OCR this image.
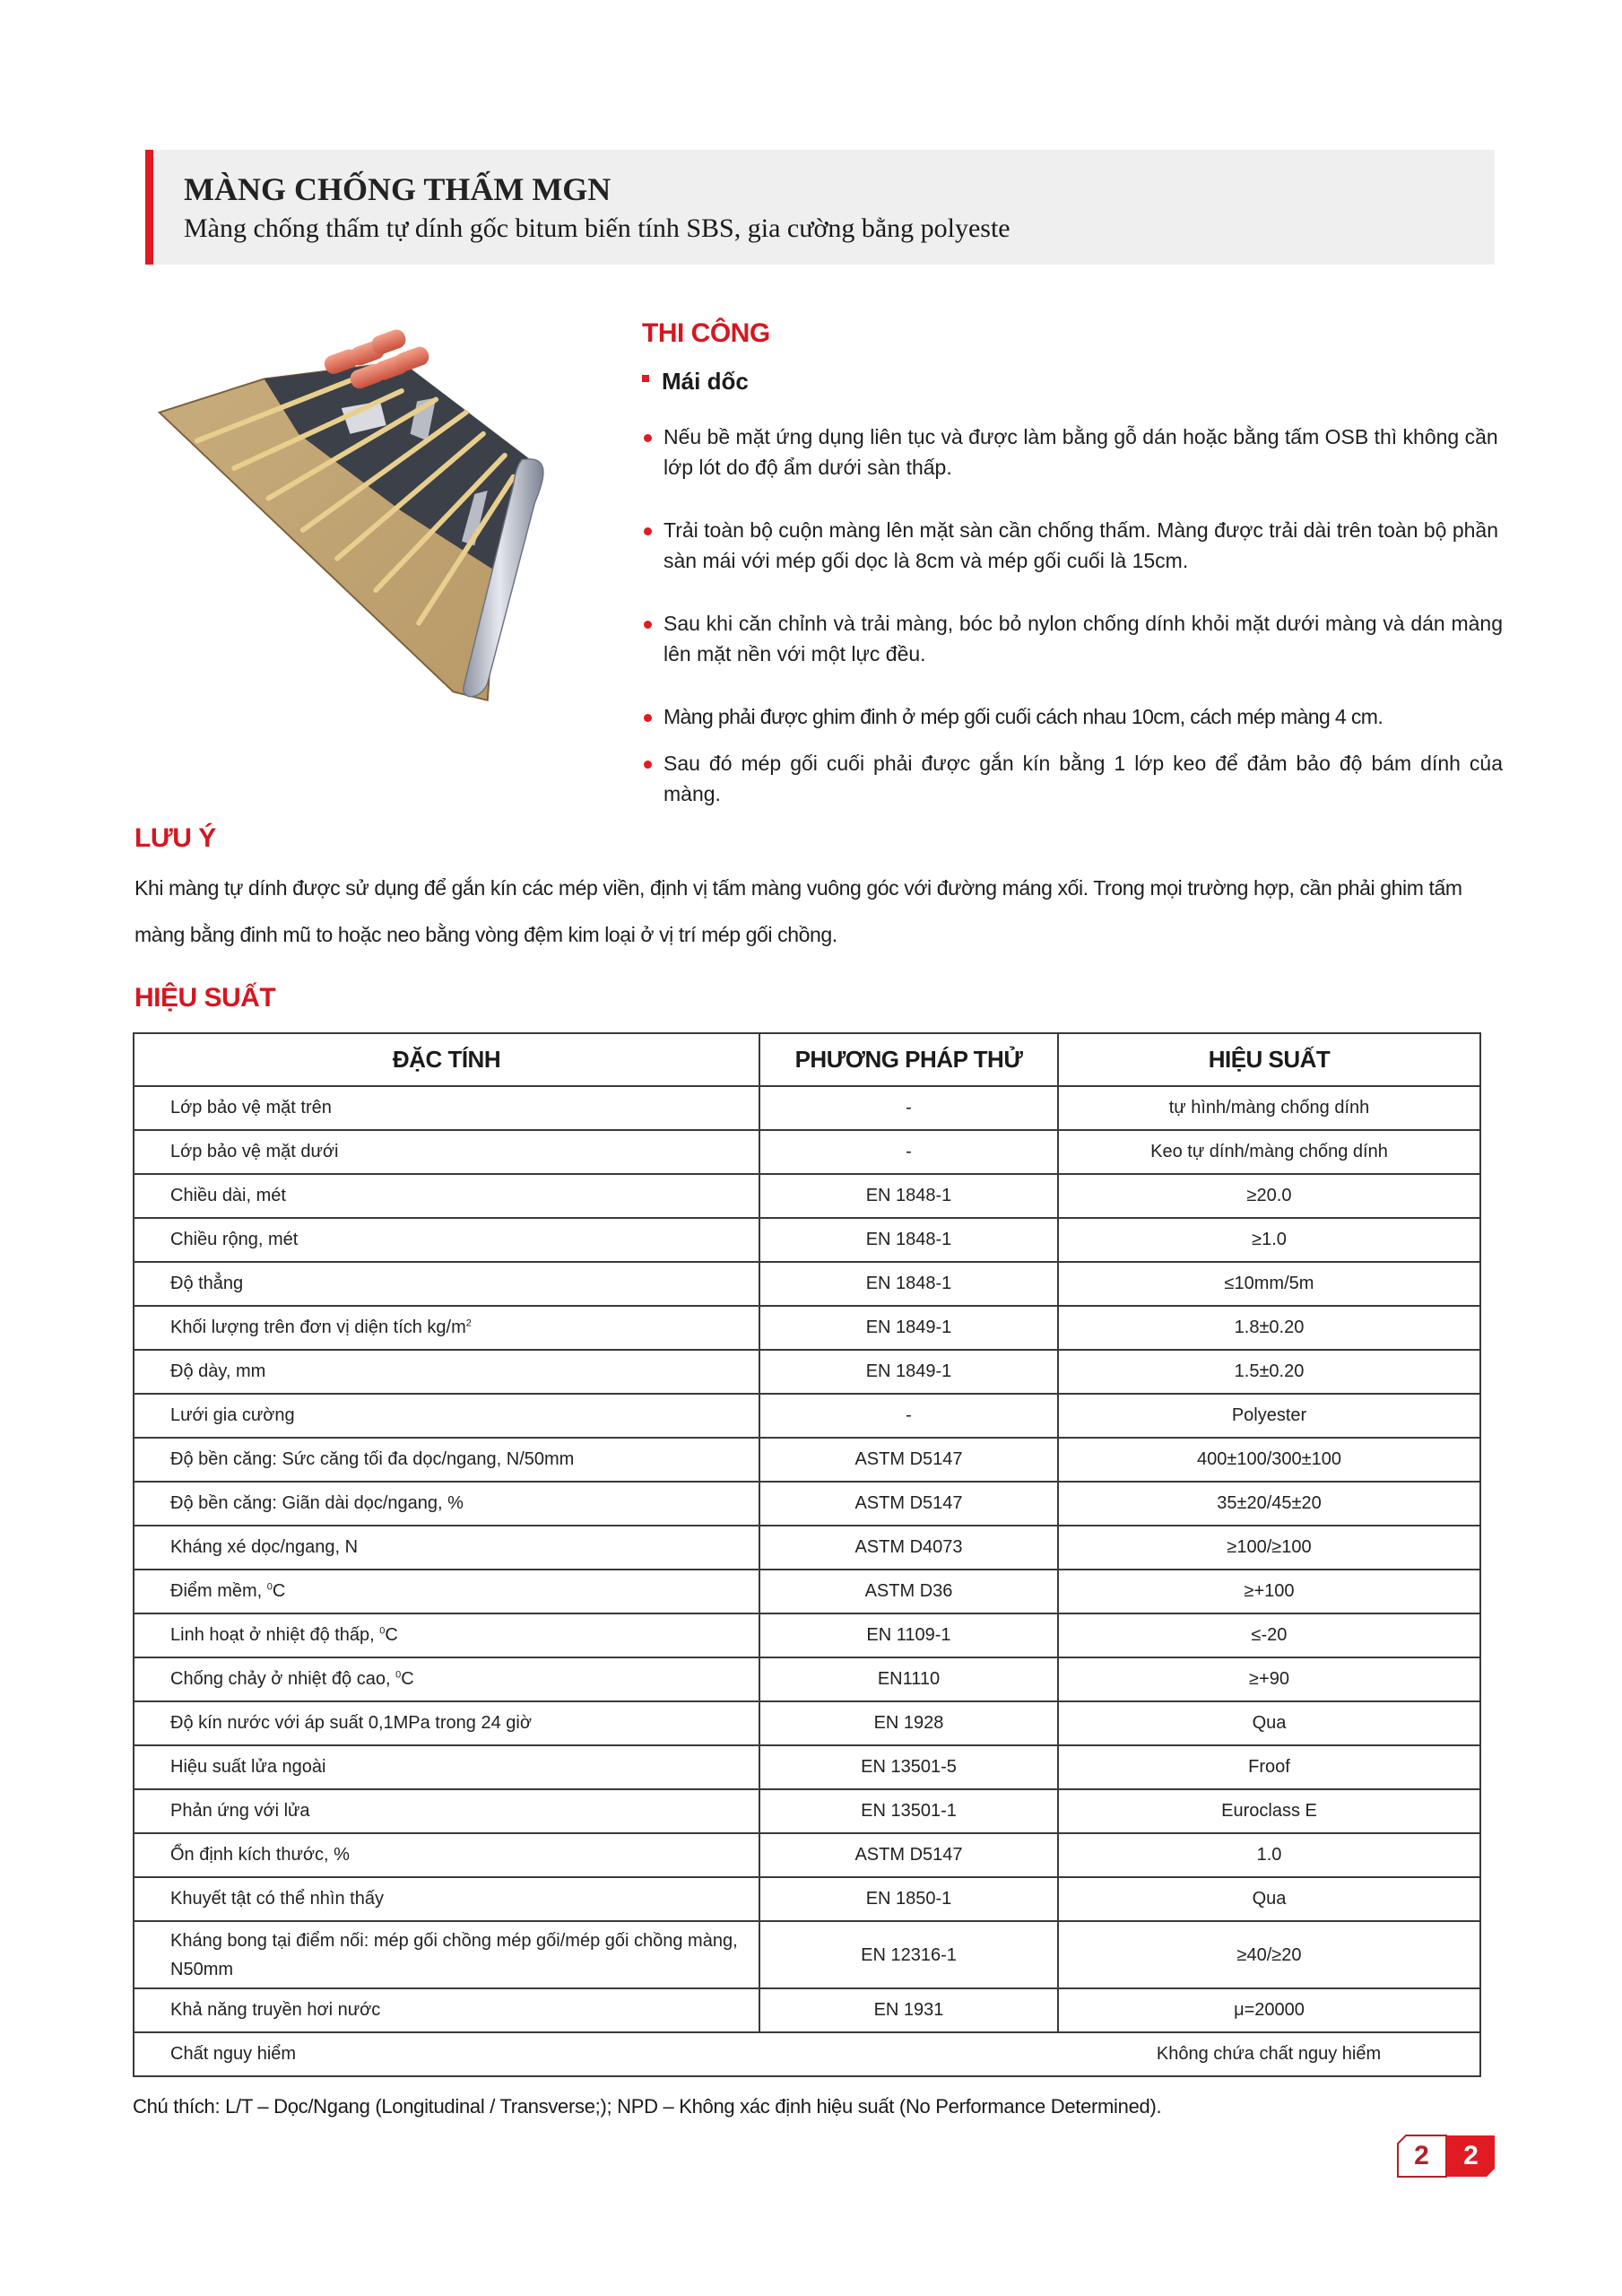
MÀNG CHỐNG THẤM MGN
Màng chống thấm tự dính gốc bitum biến tính SBS, gia cường bằng polyeste
THI CÔNG
Mái dốc
Nếu bề mặt ứng dụng liên tục và được làm bằng gỗ dán hoặc bằng tấm OSB thì không cần lớp lót do độ ẩm dưới sàn thấp.
Trải toàn bộ cuộn màng lên mặt sàn cần chống thấm. Màng được trải dài trên toàn bộ phần sàn mái với mép gối dọc là 8cm và mép gối cuối là 15cm.
Sau khi căn chỉnh và trải màng, bóc bỏ nylon chống dính khỏi mặt dưới màng và dán màng lên mặt nền với một lực đều.
Màng phải được ghim đinh ở mép gối cuối cách nhau 10cm, cách mép màng 4 cm.
Sau đó mép gối cuối phải được gắn kín bằng 1 lớp keo để đảm bảo độ bám dính của màng.
LƯU Ý
Khi màng tự dính được sử dụng để gắn kín các mép viền, định vị tấm màng vuông góc với đường máng xối. Trong mọi trường hợp, cần phải ghim tấm màng bằng đinh mũ to hoặc neo bằng vòng đệm kim loại ở vị trí mép gối chồng.
HIỆU SUẤT
ĐẶC TÍNH	PHƯƠNG PHÁP THỬ	HIỆU SUẤT
Lớp bảo vệ mặt trên	-	tự hình/màng chống dính
Lớp bảo vệ mặt dưới	-	Keo tự dính/màng chống dính
Chiều dài, mét	EN 1848-1	≥20.0
Chiều rộng, mét	EN 1848-1	≥1.0
Độ thẳng	EN 1848-1	≤10mm/5m
Khối lượng trên đơn vị diện tích $kg/m^2$	EN 1849-1	1.8±0.20
Độ dày, mm	EN 1849-1	1.5±0.20
Lưới gia cường	-	Polyester
Độ bền căng: Sức căng tối đa dọc/ngang, N/50mm	ASTM D5147	400±100/300±100
Độ bền căng: Giãn dài dọc/ngang, %	ASTM D5147	35±20/45±20
Kháng xé dọc/ngang, N	ASTM D4073	≥100/≥100
Điểm mềm, $^0$C	ASTM D36	≥+100
Linh hoạt ở nhiệt độ thấp, $^0$C	EN 1109-1	≤-20
Chống chảy ở nhiệt độ cao, $^0$C	EN1110	≥+90
Độ kín nước với áp suất 0,1MPa trong 24 giờ	EN 1928	Qua
Hiệu suất lửa ngoài	EN 13501-5	Froof
Phản ứng với lửa	EN 13501-1	Euroclass E
Ổn định kích thước, %	ASTM D5147	1.0
Khuyết tật có thể nhìn thấy	EN 1850-1	Qua
Kháng bong tại điểm nối: mép gối chồng mép gối/mép gối chồng màng, N50mm	EN 12316-1	≥40/≥20
Khả năng truyền hơi nước	EN 1931	μ=20000
Chất nguy hiểm		Không chứa chất nguy hiểm
Chú thích: L/T – Dọc/Ngang (Longitudinal / Transverse;); NPD – Không xác định hiệu suất (No Performance Determined).
2	2
